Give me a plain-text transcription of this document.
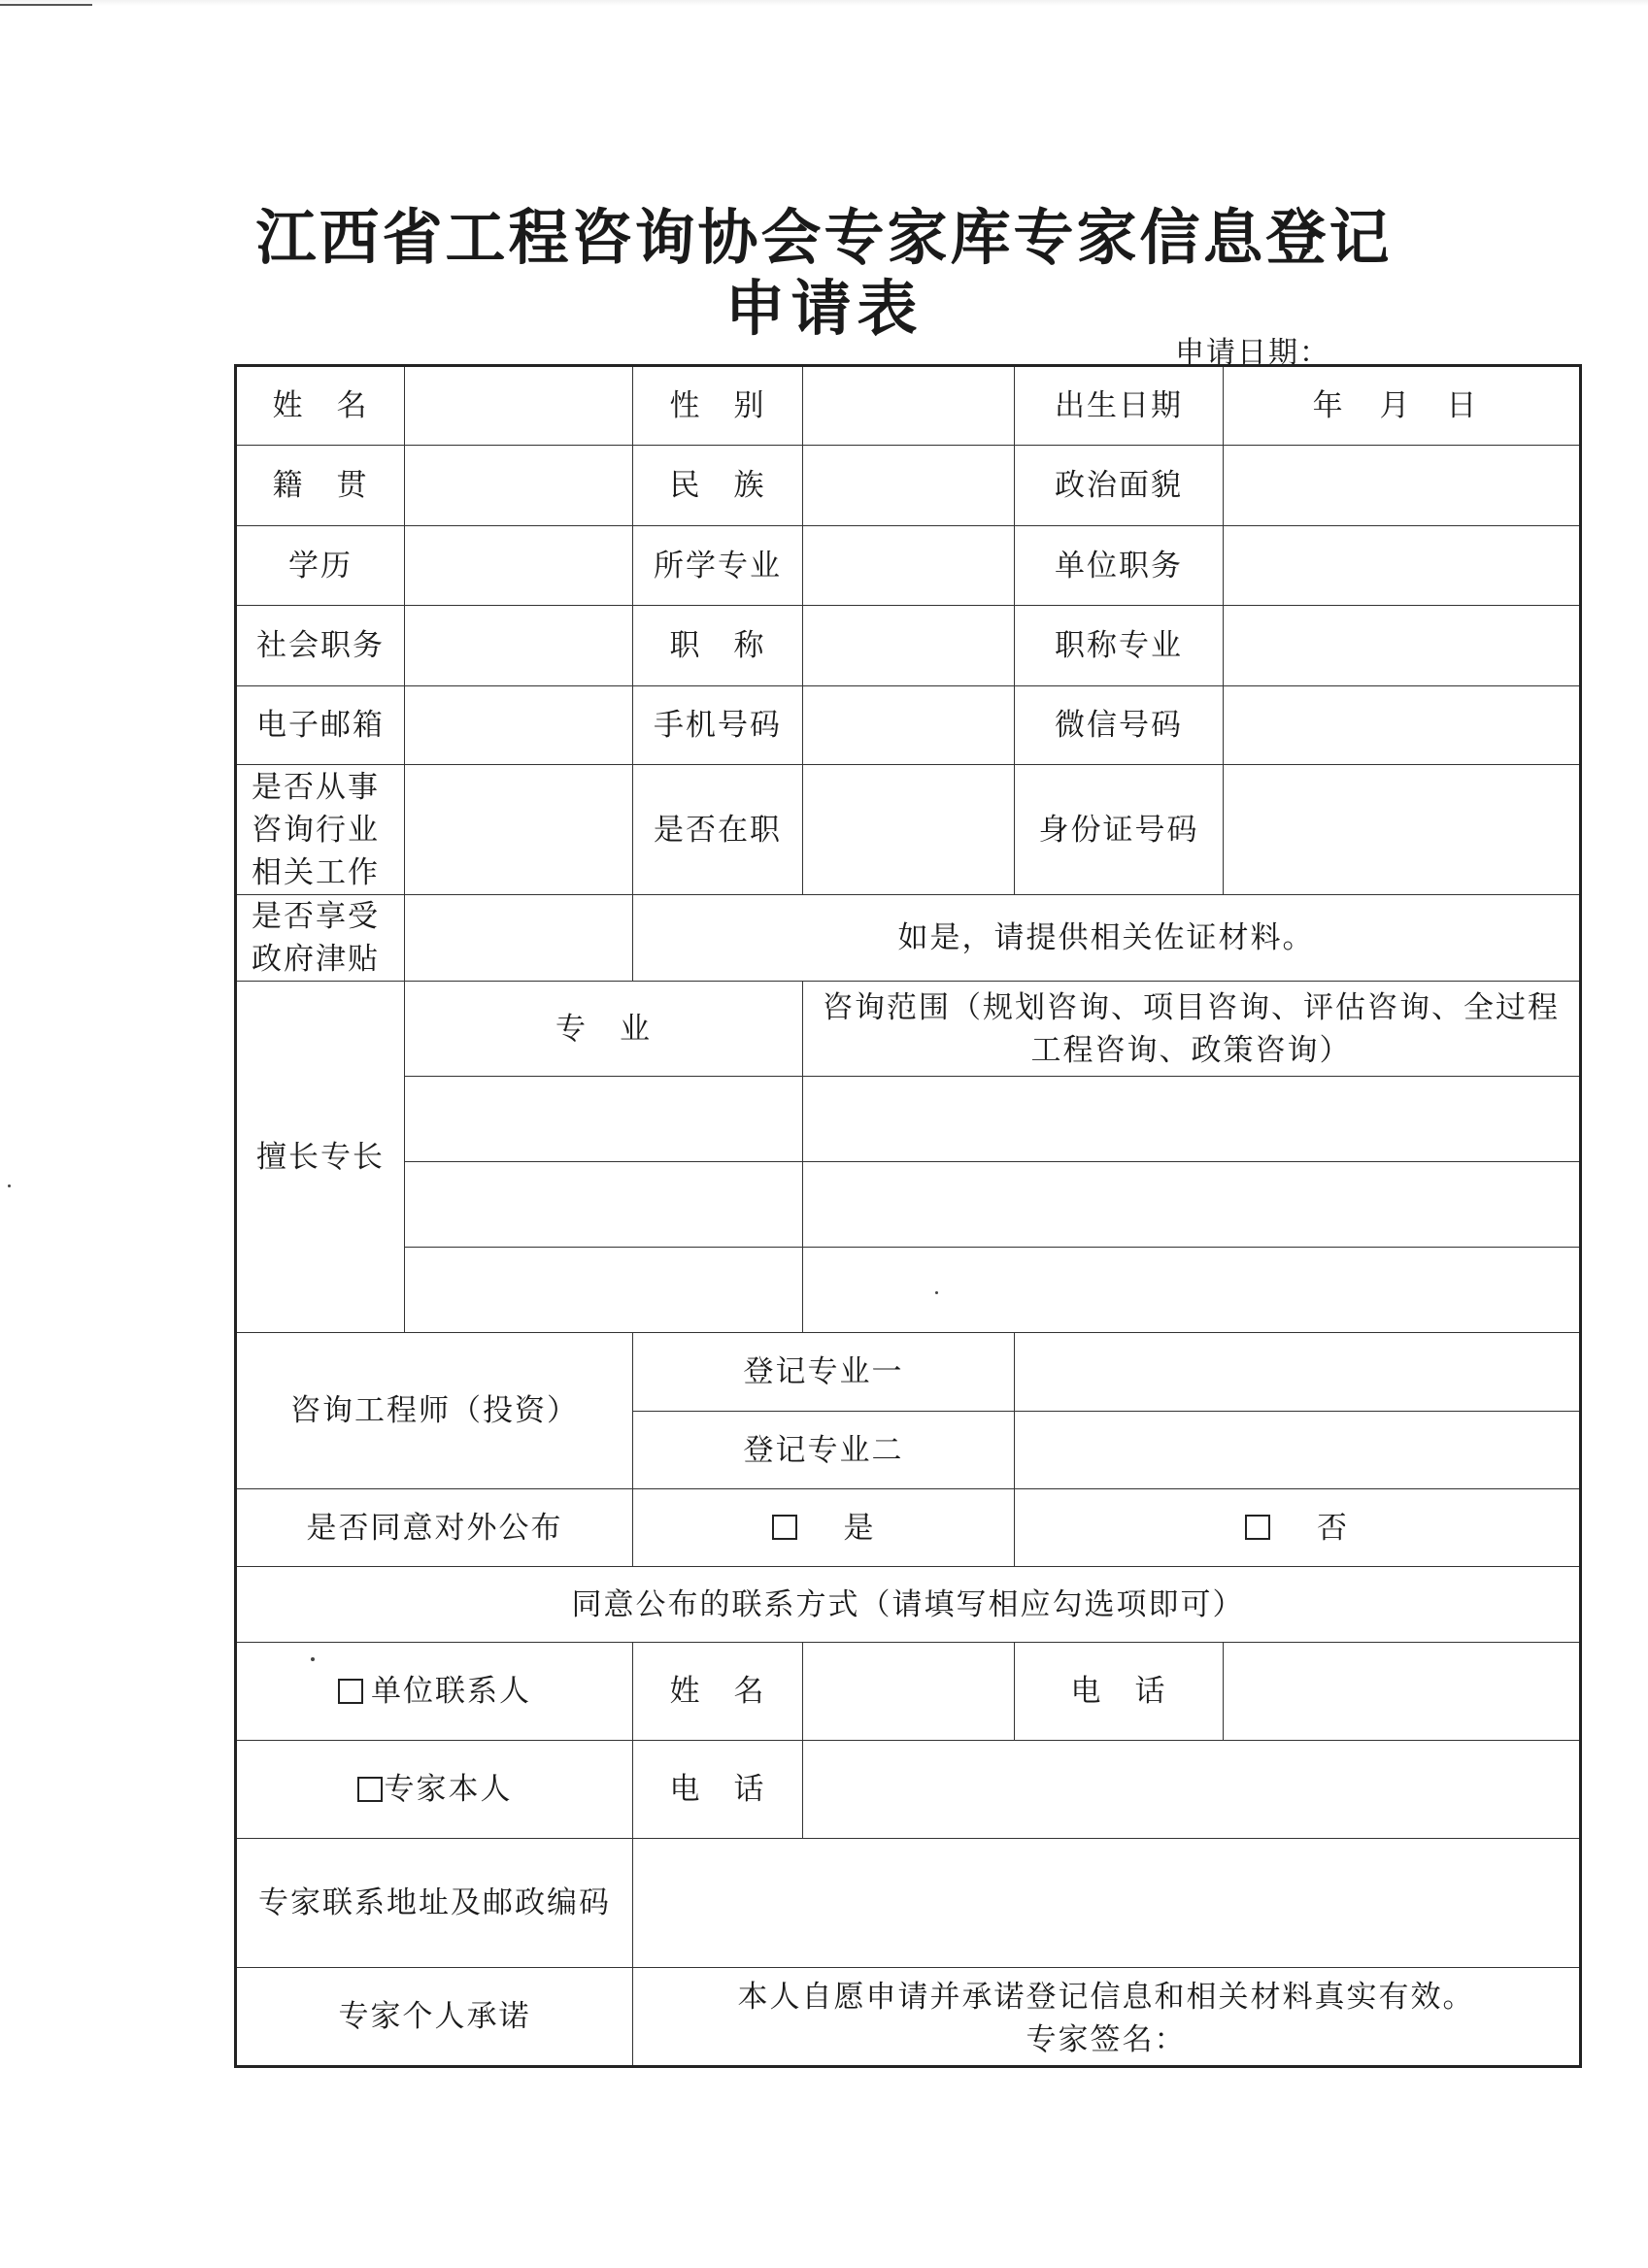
江西省工程咨询协会专家库专家信息登记
申请表
申请日期：
姓　名		性　别		出生日期	年 月 日
籍　贯		民　族		政治面貌	
学历		所学专业		单位职务	
社会职务		职　称		职称专业	
电子邮箱		手机号码		微信号码	
是否从事咨询行业相关工作		是否在职		身份证号码	
是否享受政府津贴		如是，请提供相关佐证材料。			
擅长专长	专　业		咨询范围（规划咨询、项目咨询、评估咨询、全过程工程咨询、政策咨询）		

咨询工程师（投资）		登记专业一			
		登记专业二			
是否同意对外公布		是		否	
同意公布的联系方式（请填写相应勾选项即可）					
单位联系人		姓　名		电　话	
专家本人		电　话			
专家联系地址及邮政编码					
专家个人承诺		本人自愿申请并承诺登记信息和相关材料真实有效。
专家签名：			
